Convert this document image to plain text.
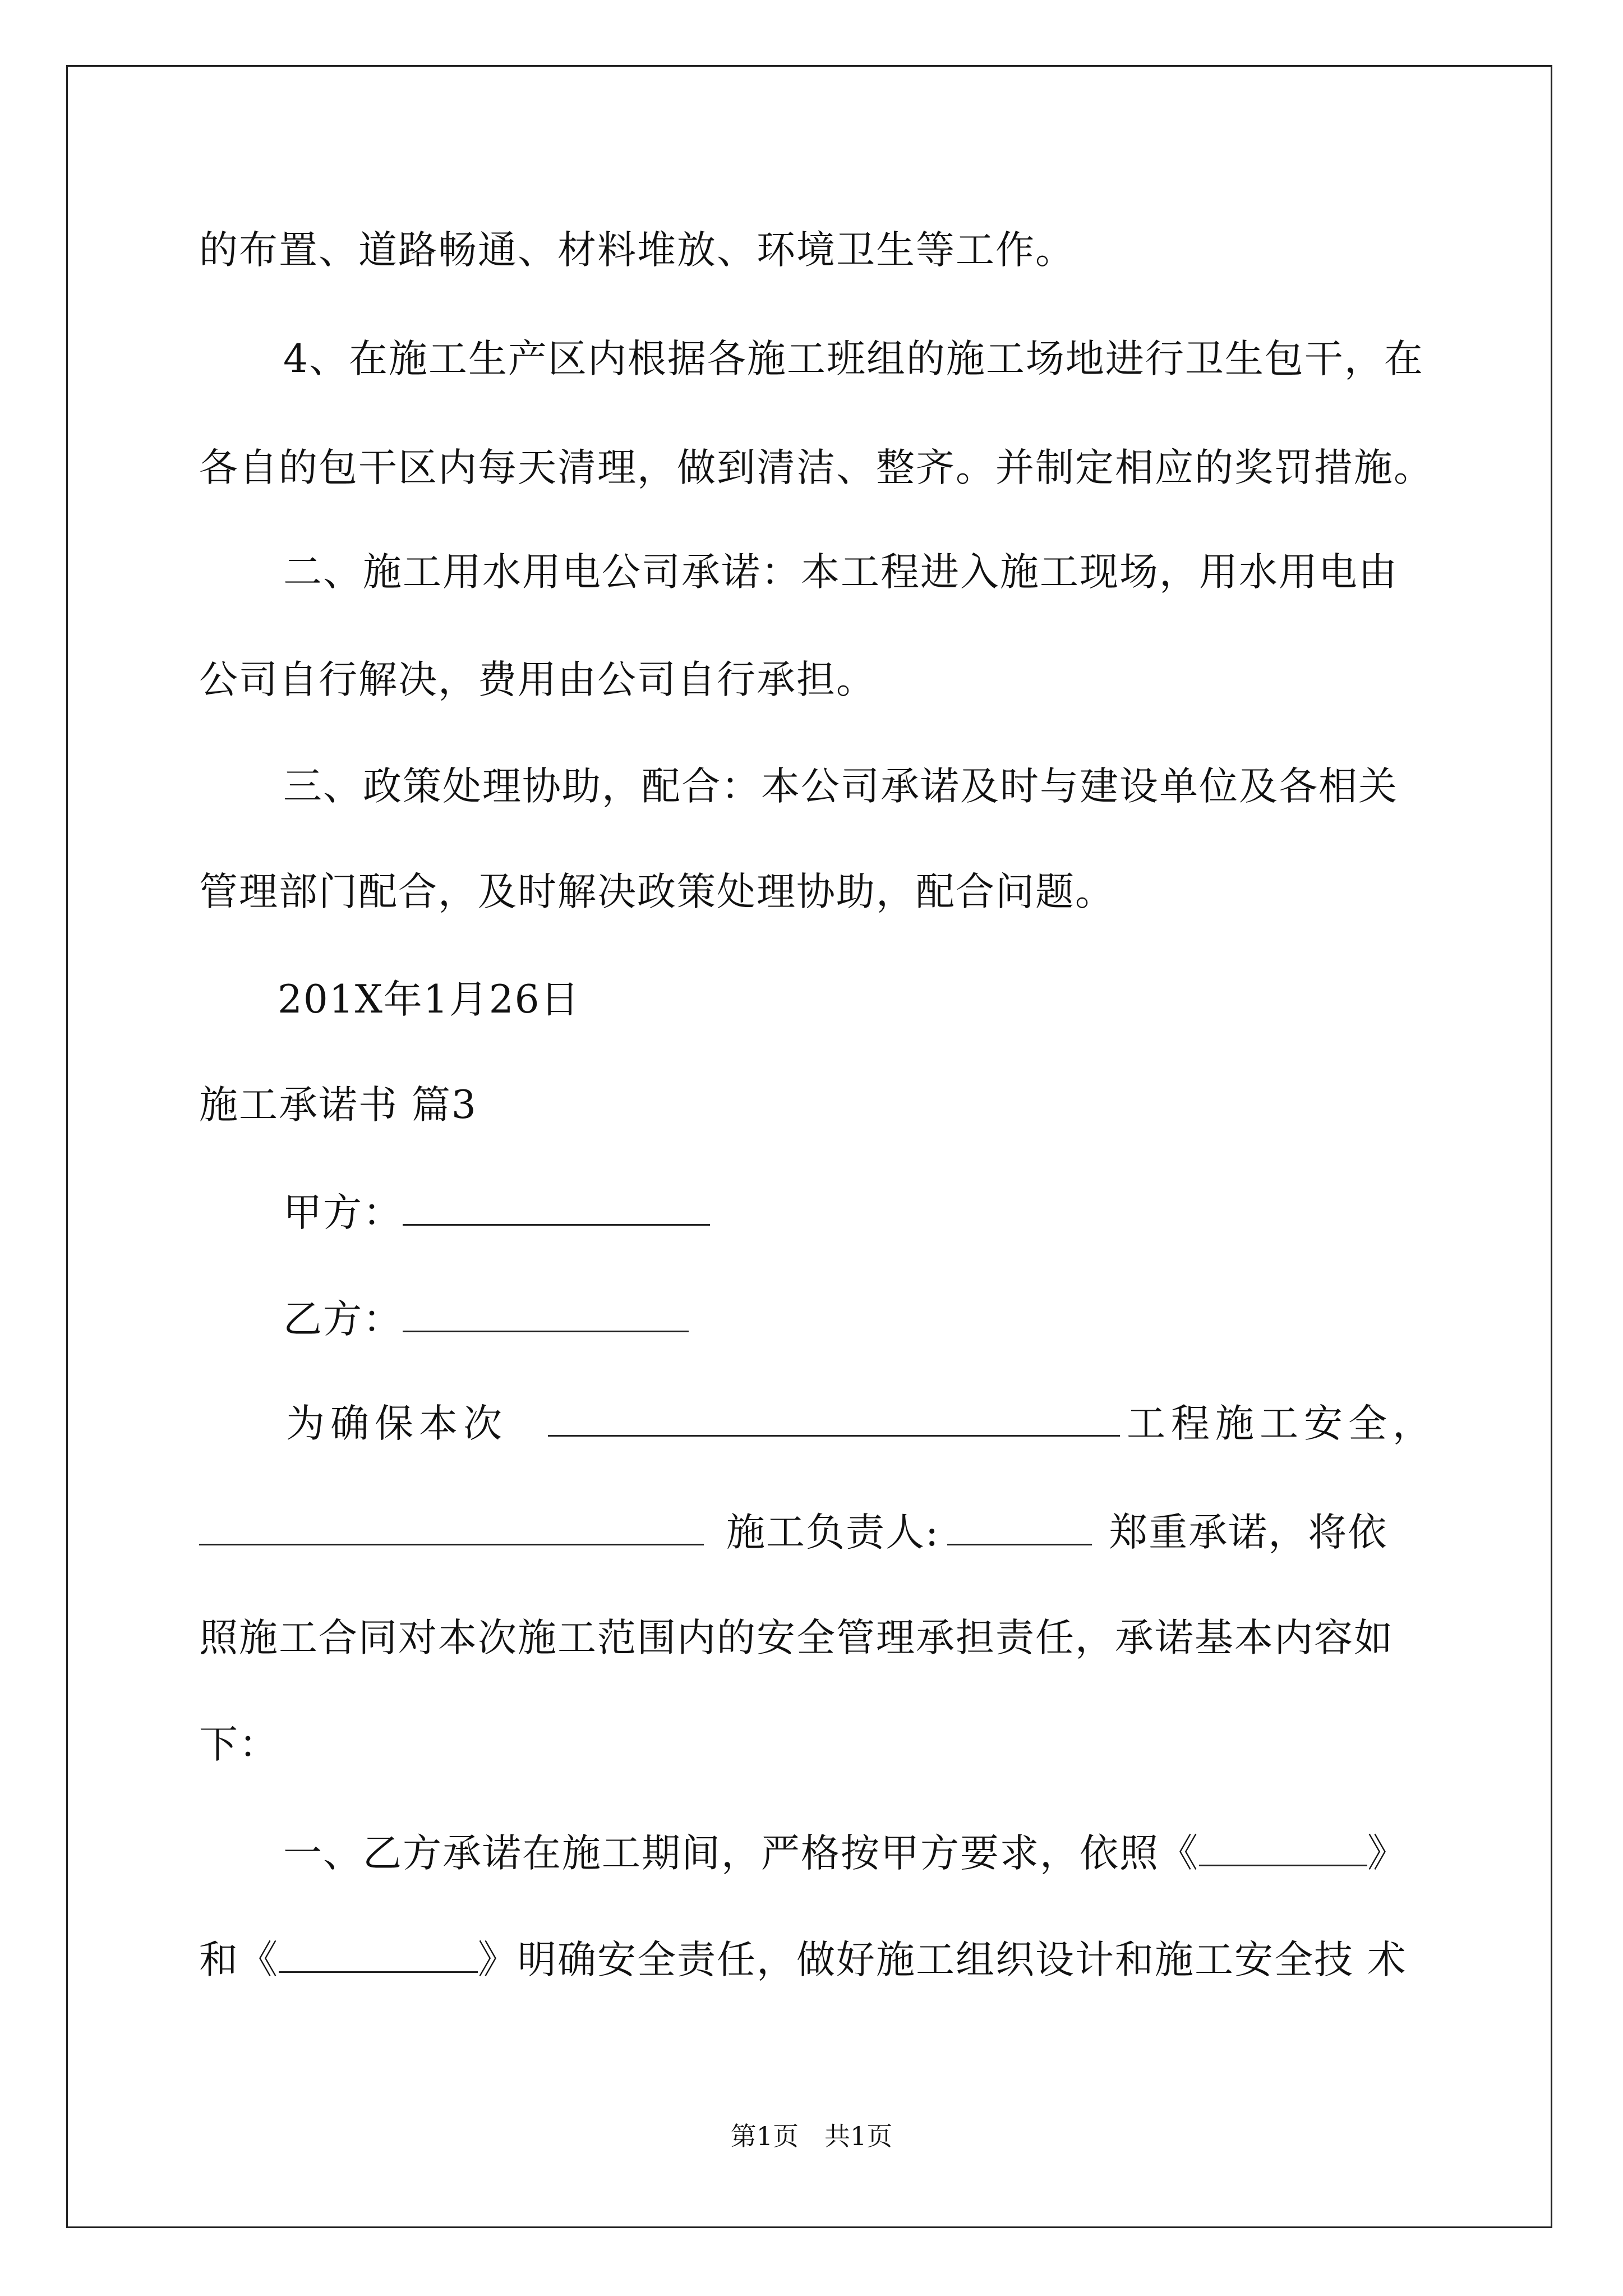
的布置、道路畅通、材料堆放、环境卫生等工作。
4、在施工生产区内根据各施工班组的施工场地进行卫生包干，在
各自的包干区内每天清理，做到清洁、整齐。并制定相应的奖罚措施。
二、施工用水用电公司承诺：本工程进入施工现场，用水用电由
公司自行解决，费用由公司自行承担。
三、政策处理协助，配合：本公司承诺及时与建设单位及各相关
管理部门配合，及时解决政策处理协助，配合问题。
201X年1月26日
施工承诺书 篇3
甲方：
乙方：
为确保本次	工程施工安全，
施工负责人:	郑重承诺，将依
照施工合同对本次施工范围内的安全管理承担责任，承诺基本内容如
下：
一、乙方承诺在施工期间，严格按甲方要求，依照《	》
和《	》明确安全责任，做好施工组织设计和施工安全技 术
第1页　共1页
